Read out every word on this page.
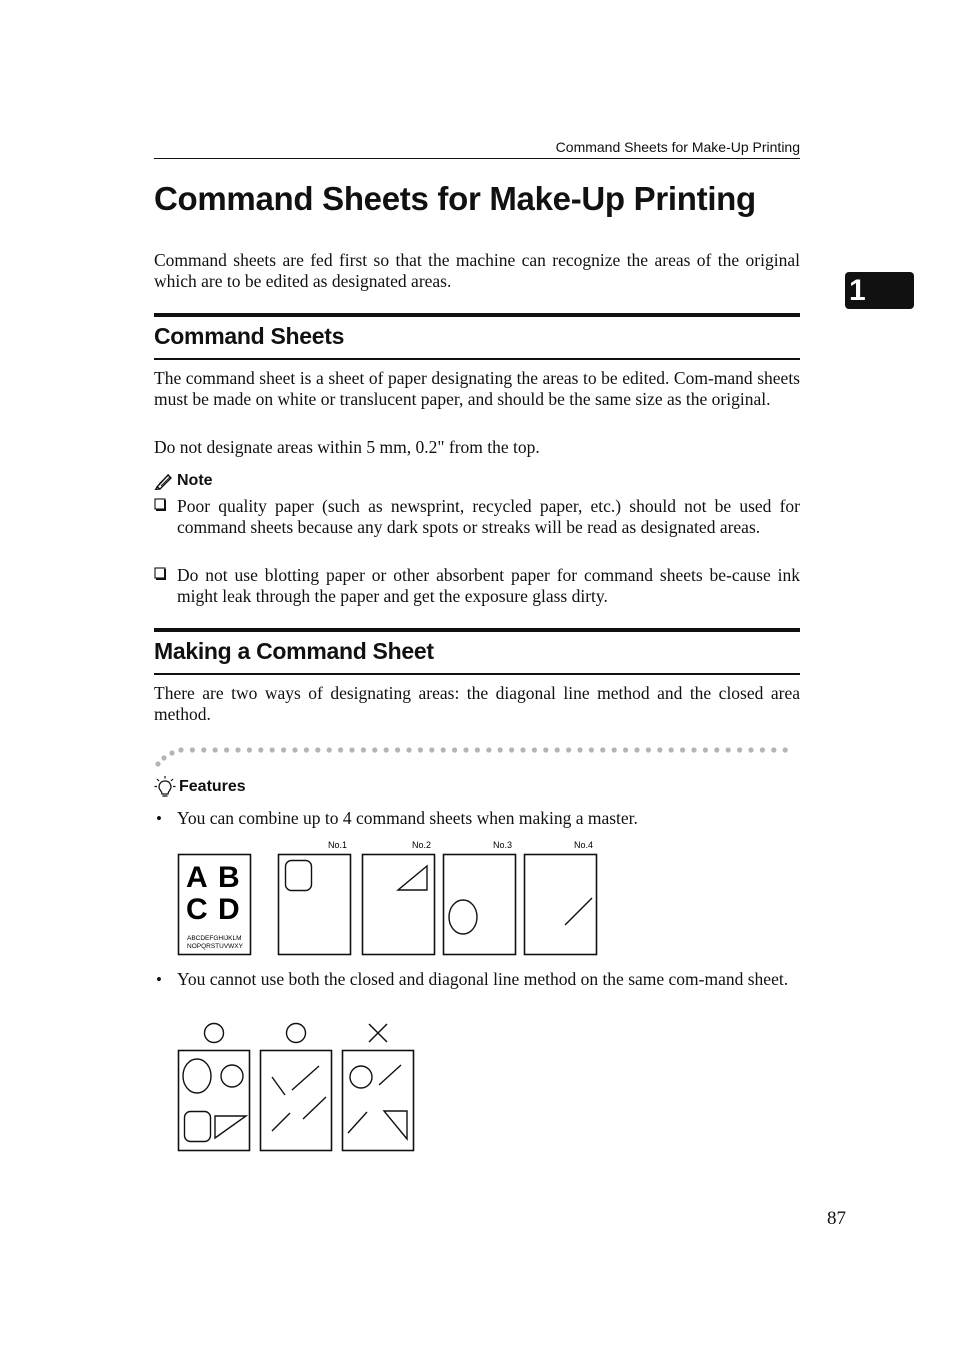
Command Sheets for Make-Up Printing
Command Sheets for Make-Up Printing
1
Command sheets are fed first so that the machine can recognize the areas of the original which are to be edited as designated areas.
Command Sheets
The command sheet is a sheet of paper designating the areas to be edited. Com-mand sheets must be made on white or translucent paper, and should be the same size as the original.
Do not designate areas within 5 mm, 0.2" from the top.
Note
Poor quality paper (such as newsprint, recycled paper, etc.) should not be used for command sheets because any dark spots or streaks will be read as designated areas.
Do not use blotting paper or other absorbent paper for command sheets be-cause ink might leak through the paper and get the exposure glass dirty.
Making a Command Sheet
There are two ways of designating areas: the diagonal line method and the closed area method.
Features
• You can combine up to 4 command sheets when making a master.
A B
C D
ABCDEFGHIJKLM
NOPQRSTUVWXY
No.1	No.2	No.3	No.4
• You cannot use both the closed and diagonal line method on the same com-mand sheet.
87
